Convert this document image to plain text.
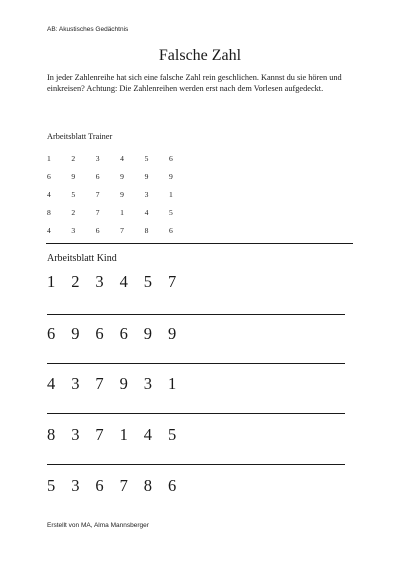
AB: Akustisches Gedächtnis
Falsche Zahl
In jeder Zahlenreihe hat sich eine falsche Zahl rein geschlichen. Kannst du sie hören und einkreisen? Achtung: Die Zahlenreihen werden erst nach dem Vorlesen aufgedeckt.
Arbeitsblatt Trainer
1	2	3	4	5	6
6	9	6	9	9	9
4	5	7	9	3	1
8	2	7	1	4	5
4	3	6	7	8	6
Arbeitsblatt Kind
1 2 3 4 5 7
6 9 6 6 9 9
4 3 7 9 3 1
8 3 7 1 4 5
5 3 6 7 8 6
Erstellt von MA, Alma Mannsberger
